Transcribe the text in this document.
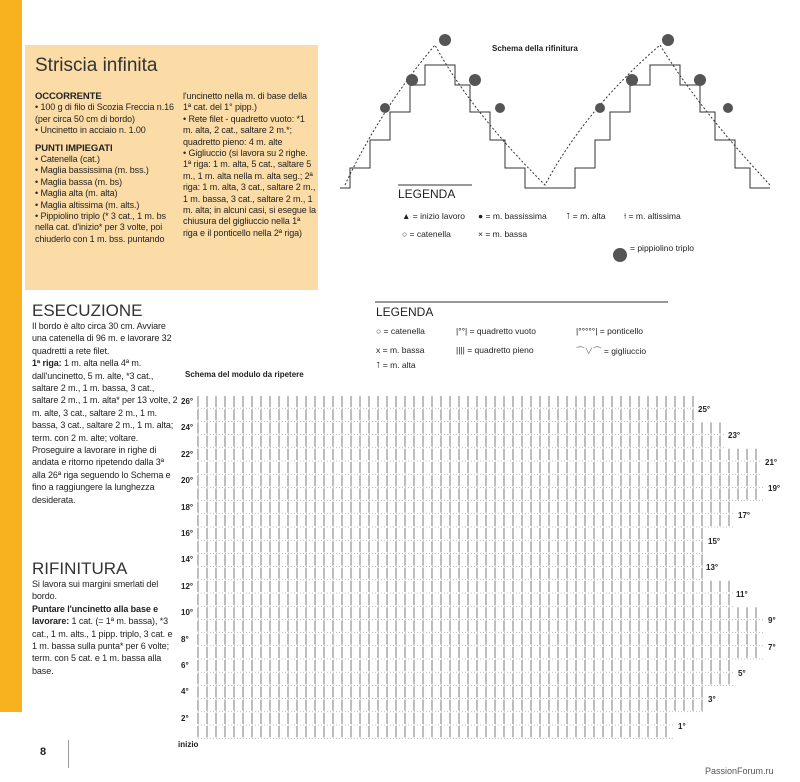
Striscia infinita
OCCORRENTE
• 100 g di filo di Scozia Freccia n.16 (per circa 50 cm di bordo)
• Uncinetto in acciaio n. 1.00
PUNTI IMPIEGATI
• Catenella (cat.)
• Maglia bassissima (m. bss.)
• Maglia bassa (m. bs)
• Maglia alta (m. alta)
• Maglia altissima (m. alts.)
• Pippiolino triplo (* 3 cat., 1 m. bs nella cat. d'inizio* per 3 volte, poi chiuderlo con 1 m. bss. puntando
l'uncinetto nella m. di base della 1ª cat. del 1° pipp.)
• Rete filet - quadretto vuoto: *1 m. alta, 2 cat., saltare 2 m.*; quadretto pieno: 4 m. alte
• Gigliuccio (si lavora su 2 righe. 1ª riga: 1 m. alta, 5 cat., saltare 5 m., 1 m. alta nella m. alta seg.; 2ª riga: 1 m. alta, 3 cat., saltare 2 m., 1 m. bassa, 3 cat., saltare 2 m., 1 m. alta; in alcuni casi, si esegue la chiusura del gigliuccio nella 1ª riga e il ponticello nella 2ª riga)
ESECUZIONE
Il bordo è alto circa 30 cm. Avviare una catenella di 96 m. e lavorare 32 quadretti a rete filet.
1ª riga: 1 m. alta nella 4ª m. dall'uncinetto, 5 m. alte, *3 cat., saltare 2 m., 1 m. bassa, 3 cat., saltare 2 m., 1 m. alta* per 13 volte, 2 m. alte, 3 cat., saltare 2 m., 1 m. bassa, 3 cat., saltare 2 m., 1 m. alta; term. con 2 m. alte; voltare.
Proseguire a lavorare in righe di andata e ritorno ripetendo dalla 3ª alla 26ª riga seguendo lo Schema e fino a raggiungere la lunghezza desiderata.
RIFINITURA
Si lavora sui margini smerlati del bordo.
Puntare l'uncinetto alla base e lavorare: 1 cat. (= 1ª m. bassa), *3 cat., 1 m. alts., 1 pipp. triplo, 3 cat. e 1 m. bassa sulla punta* per 6 volte; term. con 5 cat. e 1 m. bassa alla base.
Schema della rifinitura
LEGENDA
▲ = inizio lavoro ● = m. bassissima ⊺ = m. alta ⟊ = m. altissima
○ = catenella	× = m. bassa
= pippiolino triplo
LEGENDA
○ = catenella
x = m. bassa
⊺ = m. alta
|°°| = quadretto vuoto
|||| = quadretto pieno
|°°°°°| = ponticello
⌒∨⌒ = gigliuccio
Schema del modulo da ripetere
26°
24°
22°
20°
18°
16°
14°
12°
10°
8°
6°
4°
2°
25°
23°
21°
19°
17°
15°
13°
11°
9°
7°
5°
3°
1°
inizio
8
PassionForum.ru
